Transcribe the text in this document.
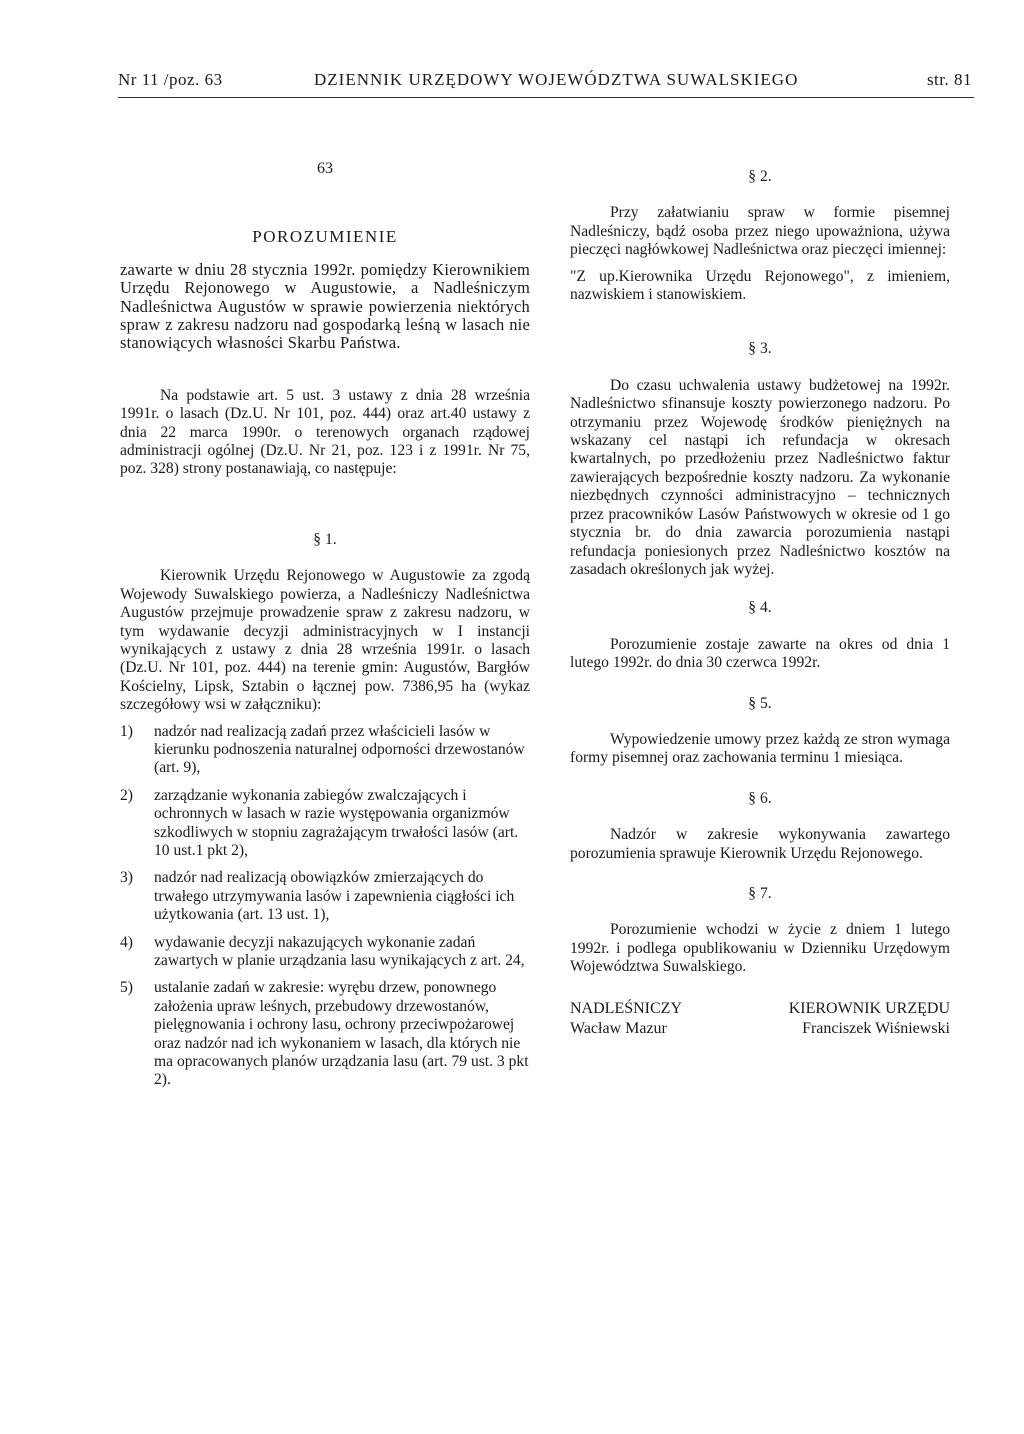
Nr 11 /poz. 63	DZIENNIK URZĘDOWY WOJEWÓDZTWA SUWALSKIEGO	str. 81
63
POROZUMIENIE

zawarte w dniu 28 stycznia 1992r. pomiędzy Kierownikiem Urzędu Rejonowego w Augustowie, a Nadleśniczym Nadleśnictwa Augustów w sprawie powierzenia niektórych spraw z zakresu nadzoru nad gospodarką leśną w lasach nie stanowiących własności Skarbu Państwa.

Na podstawie art. 5 ust. 3 ustawy z dnia 28 września 1991r. o lasach (Dz.U. Nr 101, poz. 444) oraz art.40 ustawy z dnia 22 marca 1990r. o terenowych organach rządowej administracji ogólnej (Dz.U. Nr 21, poz. 123 i z 1991r. Nr 75, poz. 328) strony postanawiają, co następuje:

§ 1.

Kierownik Urzędu Rejonowego w Augustowie za zgodą Wojewody Suwalskiego powierza, a Nadleśniczy Nadleśnictwa Augustów przejmuje prowadzenie spraw z zakresu nadzoru, w tym wydawanie decyzji administracyjnych w I instancji wynikających z ustawy z dnia 28 września 1991r. o lasach (Dz.U. Nr 101, poz. 444) na terenie gmin: Augustów, Bargłów Kościelny, Lipsk, Sztabin o łącznej pow. 7386,95 ha (wykaz szczegółowy wsi w załączniku):

1) nadzór nad realizacją zadań przez właścicieli lasów w kierunku podnoszenia naturalnej odporności drzewostanów (art. 9),
2) zarządzanie wykonania zabiegów zwalczających i ochronnych w lasach w razie występowania organizmów szkodliwych w stopniu zagrażającym trwałości lasów (art. 10 ust.1 pkt 2),
3) nadzór nad realizacją obowiązków zmierzających do trwałego utrzymywania lasów i zapewnienia ciągłości ich użytkowania (art. 13 ust. 1),
4) wydawanie decyzji nakazujących wykonanie zadań zawartych w planie urządzania lasu wynikających z art. 24,
5) ustalanie zadań w zakresie: wyrębu drzew, ponownego założenia upraw leśnych, przebudowy drzewostanów, pielęgnowania i ochrony lasu, ochrony przeciwpożarowej oraz nadzór nad ich wykonaniem w lasach, dla których nie ma opracowanych planów urządzania lasu (art. 79 ust. 3 pkt 2).
§ 2.

Przy załatwianiu spraw w formie pisemnej Nadleśniczy, bądź osoba przez niego upoważniona, używa pieczęci nagłówkowej Nadleśnictwa oraz pieczęci imiennej:

"Z up.Kierownika Urzędu Rejonowego", z imieniem, nazwiskiem i stanowiskiem.

§ 3.

Do czasu uchwalenia ustawy budżetowej na 1992r. Nadleśnictwo sfinansuje koszty powierzonego nadzoru. Po otrzymaniu przez Wojewodę środków pieniężnych na wskazany cel nastąpi ich refundacja w okresach kwartalnych, po przedłożeniu przez Nadleśnictwo faktur zawierających bezpośrednie koszty nadzoru. Za wykonanie niezbędnych czynności administracyjno – technicznych przez pracowników Lasów Państwowych w okresie od 1 go stycznia br. do dnia zawarcia porozumienia nastąpi refundacja poniesionych przez Nadleśnictwo kosztów na zasadach określonych jak wyżej.

§ 4.

Porozumienie zostaje zawarte na okres od dnia 1 lutego 1992r. do dnia 30 czerwca 1992r.

§ 5.

Wypowiedzenie umowy przez każdą ze stron wymaga formy pisemnej oraz zachowania terminu 1 miesiąca.

§ 6.

Nadzór w zakresie wykonywania zawartego porozumienia sprawuje Kierownik Urzędu Rejonowego.

§ 7.

Porozumienie wchodzi w życie z dniem 1 lutego 1992r. i podlega opublikowaniu w Dzienniku Urzędowym Województwa Suwalskiego.

NADLEŚNICZY
Wacław Mazur
KIEROWNIK URZĘDU
Franciszek Wiśniewski
